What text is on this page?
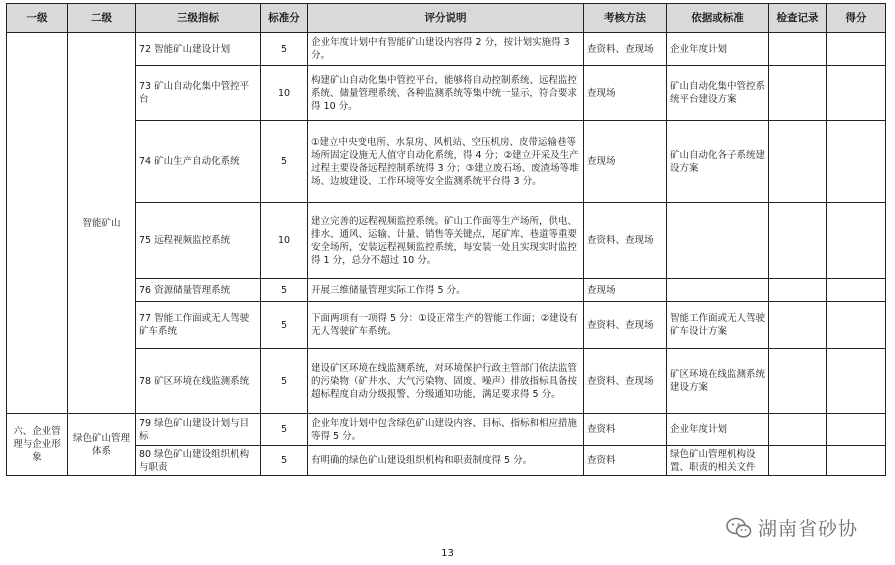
一级	二级	三级指标	标准分	评分说明	考核方法	依据或标准	检查记录	得分
	智能矿山	72 智能矿山建设计划	5	企业年度计划中有智能矿山建设内容得 2 分，按计划实施得 3 分。	查资料、查现场	企业年度计划		
		73 矿山自动化集中管控平台	10	构建矿山自动化集中管控平台，能够将自动控制系统、远程监控系统、储量管理系统、各种监测系统等集中统一显示，符合要求得 10 分。	查现场	矿山自动化集中管控系统平台建设方案		
		74 矿山生产自动化系统	5	①建立中央变电所、水泵房、风机站、空压机房、皮带运输巷等场所固定设施无人值守自动化系统，得 4 分；②建立开采及生产过程主要设备远程控制系统得 3 分；③建立废石场、废渣场等堆场、边坡建设、工作环境等安全监测系统平台得 3 分。	查现场	矿山自动化各子系统建设方案		
		75 远程视频监控系统	10	建立完善的远程视频监控系统。矿山工作面等生产场所，供电、排水、通风、运输、计量、销售等关键点，尾矿库、巷道等重要安全场所，安装远程视频监控系统，每安装一处且实现实时监控得 1 分，总分不超过 10 分。	查资料、查现场			
		76 资源储量管理系统	5	开展三维储量管理实际工作得 5 分。	查现场			
		77 智能工作面或无人驾驶矿车系统	5	下面两项有一项得 5 分：①设正常生产的智能工作面；②建设有无人驾驶矿车系统。	查资料、查现场	智能工作面或无人驾驶矿车设计方案		
		78 矿区环境在线监测系统	5	建设矿区环境在线监测系统，对环境保护行政主管部门依法监管的污染物（矿井水、大气污染物、固废、噪声）排放指标具备按超标程度自动分级报警、分级通知功能，满足要求得 5 分。	查资料、查现场	矿区环境在线监测系统建设方案		
六、企业管理与企业形象	绿色矿山管理体系	79 绿色矿山建设计划与目标	5	企业年度计划中包含绿色矿山建设内容、目标、指标和相应措施等得 5 分。	查资料	企业年度计划		
		80 绿色矿山建设组织机构与职责	5	有明确的绿色矿山建设组织机构和职责制度得 5 分。	查资料	绿色矿山管理机构设置、职责的相关文件		
湖南省砂协
13
